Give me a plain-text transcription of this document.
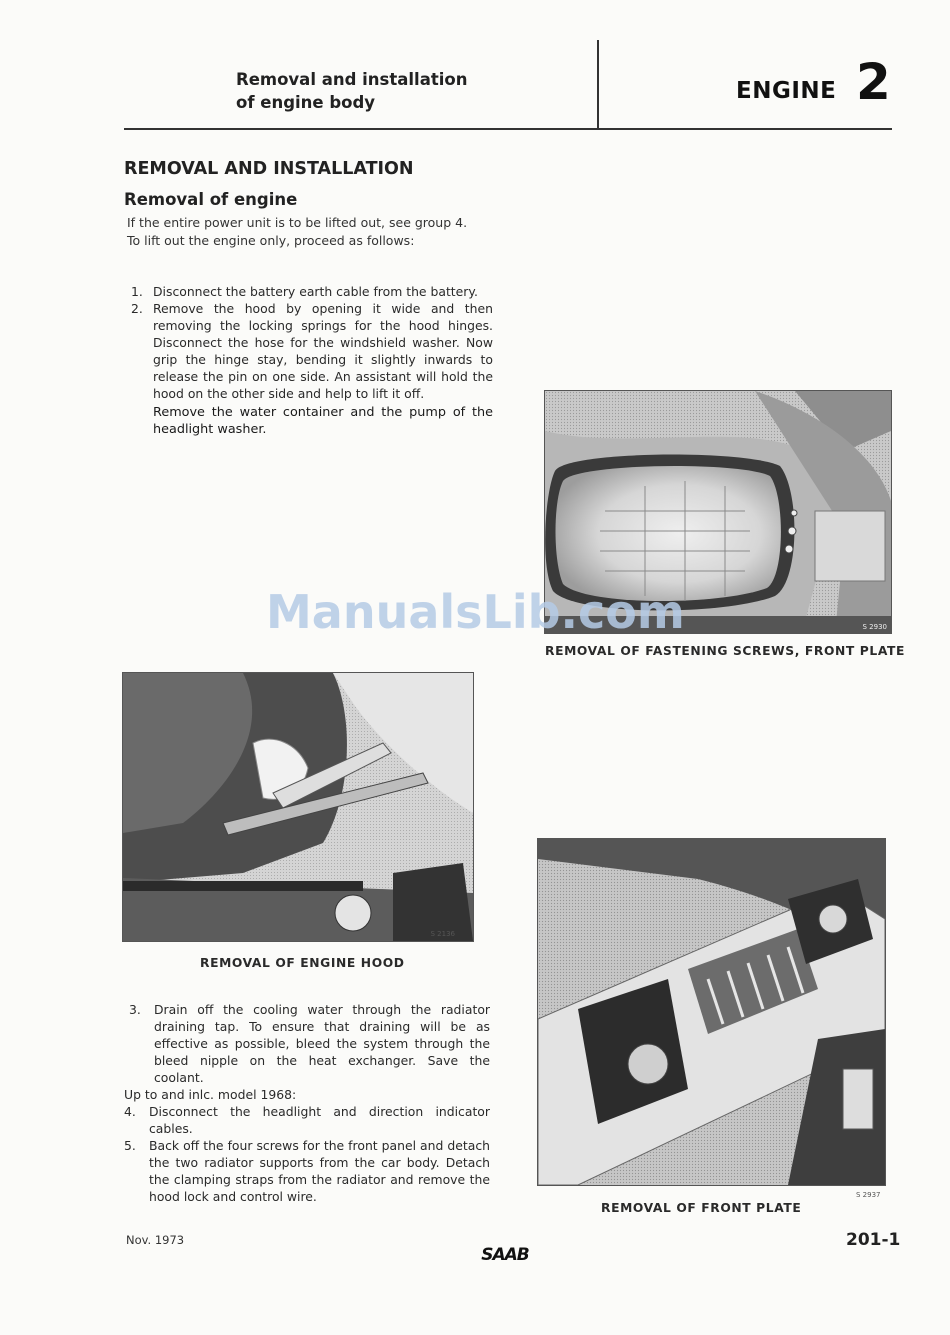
Removal and installation
of engine body	ENGINE 2
REMOVAL AND INSTALLATION
Removal of engine
If the entire power unit is to be lifted out, see group 4.
To lift out the engine only, proceed as follows:
1. Disconnect the battery earth cable from the battery.
2. Remove the hood by opening it wide and then removing the locking springs for the hood hinges. Disconnect the hose for the windshield washer. Now grip the hinge stay, bending it slightly inwards to release the pin on one side. An assistant will hold the hood on the other side and help to lift it off.
Remove the water container and the pump of the headlight washer.
S 2930
REMOVAL OF FASTENING SCREWS, FRONT PLATE
S 2136
REMOVAL OF ENGINE HOOD
ManualsLib.com
3. Drain off the cooling water through the radiator draining tap. To ensure that draining will be as effective as possible, bleed the system through the bleed nipple on the heat exchanger. Save the coolant.
Up to and inlc. model 1968:
4. Disconnect the headlight and direction indicator cables.
5. Back off the four screws for the front panel and detach the two radiator supports from the car body. Detach the clamping straps from the radiator and remove the hood lock and control wire.	S 2937
REMOVAL OF FRONT PLATE
Nov. 1973
SAAB
201-1
